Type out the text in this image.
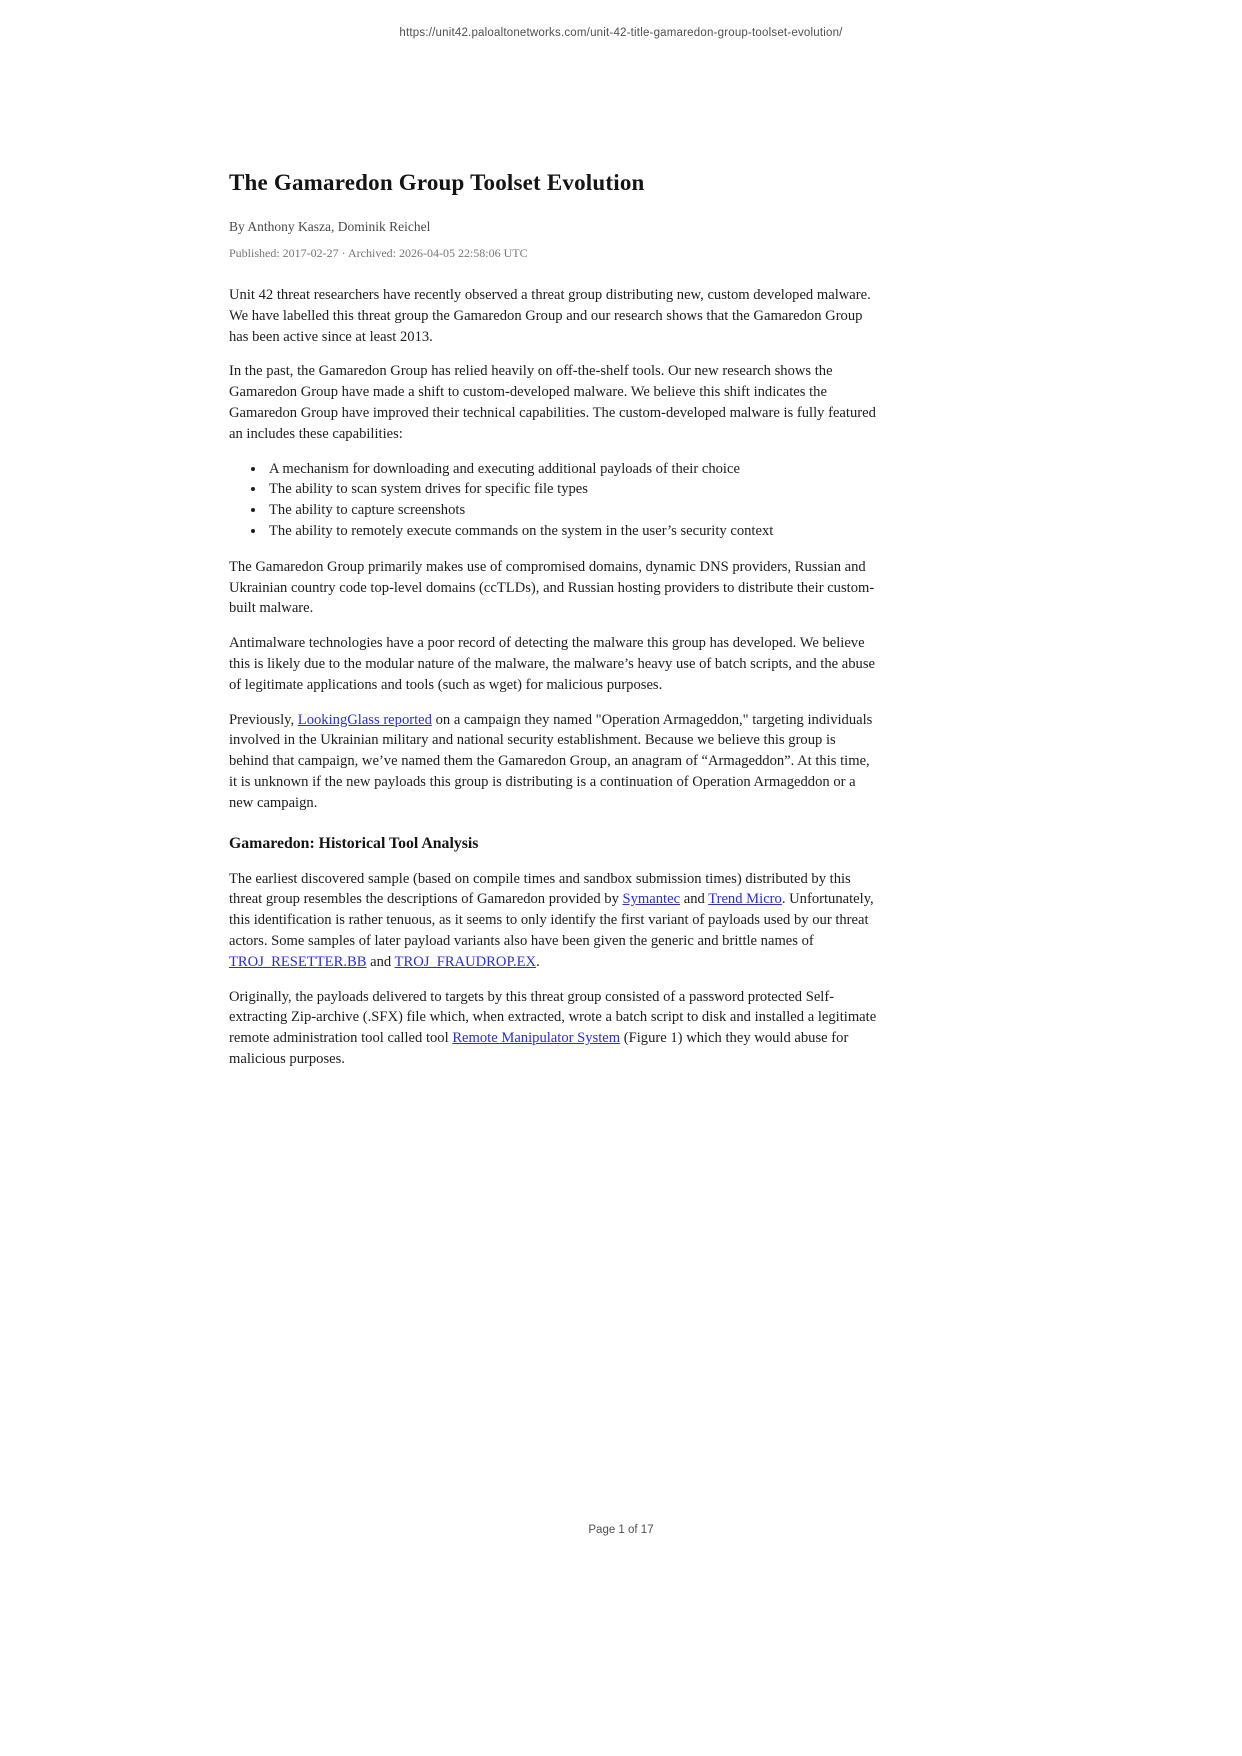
https://unit42.paloaltonetworks.com/unit-42-title-gamaredon-group-toolset-evolution/
The Gamaredon Group Toolset Evolution

By Anthony Kasza, Dominik Reichel

Published: 2017-02-27 · Archived: 2026-04-05 22:58:06 UTC

Unit 42 threat researchers have recently observed a threat group distributing new, custom developed malware. We have labelled this threat group the Gamaredon Group and our research shows that the Gamaredon Group has been active since at least 2013.

In the past, the Gamaredon Group has relied heavily on off-the-shelf tools. Our new research shows the Gamaredon Group have made a shift to custom-developed malware. We believe this shift indicates the Gamaredon Group have improved their technical capabilities. The custom-developed malware is fully featured an includes these capabilities:

• A mechanism for downloading and executing additional payloads of their choice
• The ability to scan system drives for specific file types
• The ability to capture screenshots
• The ability to remotely execute commands on the system in the user’s security context

The Gamaredon Group primarily makes use of compromised domains, dynamic DNS providers, Russian and Ukrainian country code top-level domains (ccTLDs), and Russian hosting providers to distribute their custom-built malware.

Antimalware technologies have a poor record of detecting the malware this group has developed. We believe this is likely due to the modular nature of the malware, the malware’s heavy use of batch scripts, and the abuse of legitimate applications and tools (such as wget) for malicious purposes.

Previously, LookingGlass reported on a campaign they named "Operation Armageddon," targeting individuals involved in the Ukrainian military and national security establishment. Because we believe this group is behind that campaign, we’ve named them the Gamaredon Group, an anagram of “Armageddon”. At this time, it is unknown if the new payloads this group is distributing is a continuation of Operation Armageddon or a new campaign.

Gamaredon: Historical Tool Analysis

The earliest discovered sample (based on compile times and sandbox submission times) distributed by this threat group resembles the descriptions of Gamaredon provided by Symantec and Trend Micro. Unfortunately, this identification is rather tenuous, as it seems to only identify the first variant of payloads used by our threat actors. Some samples of later payload variants also have been given the generic and brittle names of TROJ_RESETTER.BB and TROJ_FRAUDROP.EX.

Originally, the payloads delivered to targets by this threat group consisted of a password protected Self-extracting Zip-archive (.SFX) file which, when extracted, wrote a batch script to disk and installed a legitimate remote administration tool called tool Remote Manipulator System (Figure 1) which they would abuse for malicious purposes.

Page 1 of 17
